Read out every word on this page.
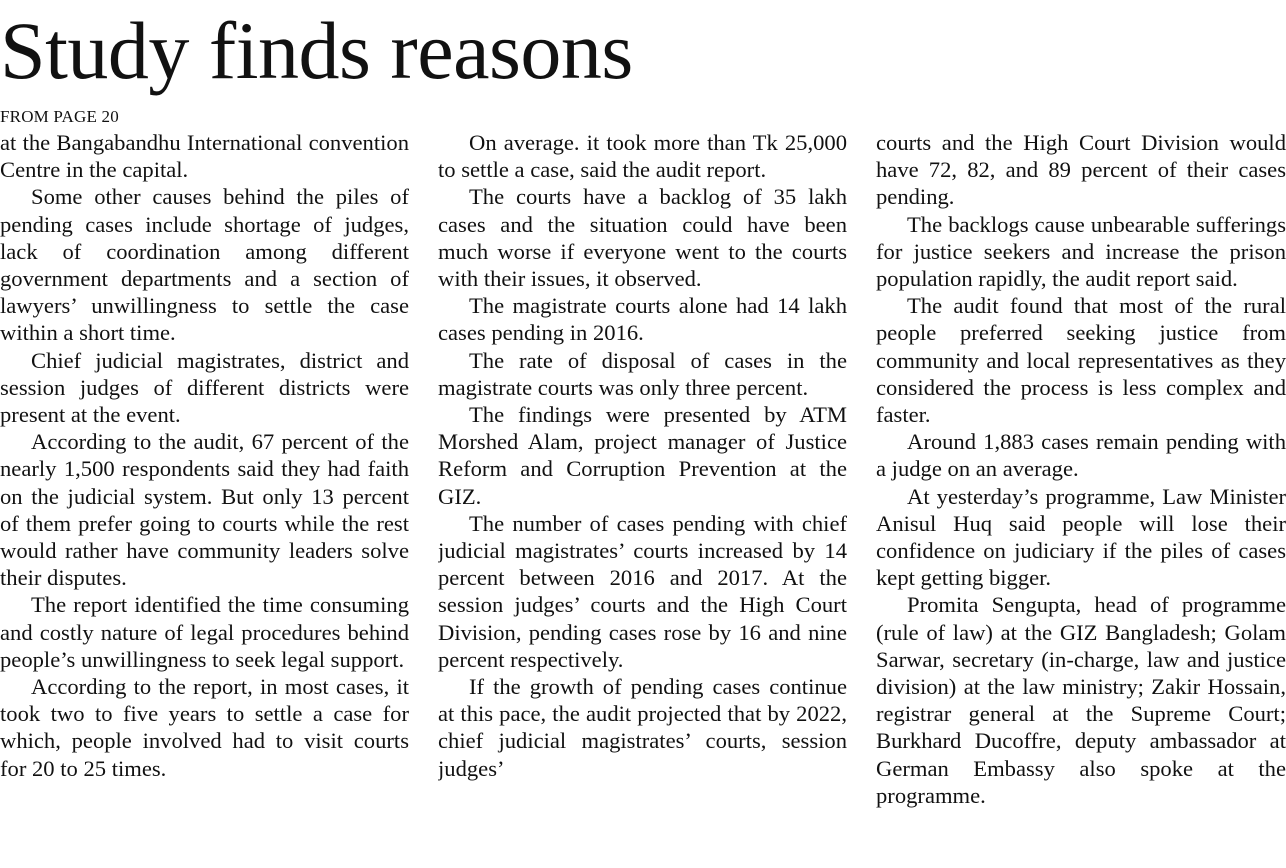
Study finds reasons
FROM PAGE 20

at the Bangabandhu International convention Centre in the capital.

Some other causes behind the piles of pending cases include shortage of judges, lack of coordination among different government departments and a section of lawyers’ unwillingness to settle the case within a short time.

Chief judicial magistrates, district and session judges of different districts were present at the event.

According to the audit, 67 percent of the nearly 1,500 respondents said they had faith on the judicial system. But only 13 percent of them prefer going to courts while the rest would rather have community leaders solve their disputes.

The report identified the time consuming and costly nature of legal procedures behind people’s unwillingness to seek legal support.

According to the report, in most cases, it took two to five years to settle a case for which, people involved had to visit courts for 20 to 25 times.

On average. it took more than Tk 25,000 to settle a case, said the audit report.

The courts have a backlog of 35 lakh cases and the situation could have been much worse if everyone went to the courts with their issues, it observed.

The magistrate courts alone had 14 lakh cases pending in 2016.

The rate of disposal of cases in the magistrate courts was only three percent.

The findings were presented by ATM Morshed Alam, project manager of Justice Reform and Corruption Prevention at the GIZ.

The number of cases pending with chief judicial magistrates’ courts increased by 14 percent between 2016 and 2017. At the session judges’ courts and the High Court Division, pending cases rose by 16 and nine percent respectively.

If the growth of pending cases continue at this pace, the audit projected that by 2022, chief judicial magistrates’ courts, session judges’

courts and the High Court Division would have 72, 82, and 89 percent of their cases pending.

The backlogs cause unbearable sufferings for justice seekers and increase the prison population rapidly, the audit report said.

The audit found that most of the rural people preferred seeking justice from community and local representatives as they considered the process is less complex and faster.

Around 1,883 cases remain pending with a judge on an average.

At yesterday’s programme, Law Minister Anisul Huq said people will lose their confidence on judiciary if the piles of cases kept getting bigger.

Promita Sengupta, head of programme (rule of law) at the GIZ Bangladesh; Golam Sarwar, secretary (in-charge, law and justice division) at the law ministry; Zakir Hossain, registrar general at the Supreme Court; Burkhard Ducoffre, deputy ambassador at German Embassy also spoke at the programme.
